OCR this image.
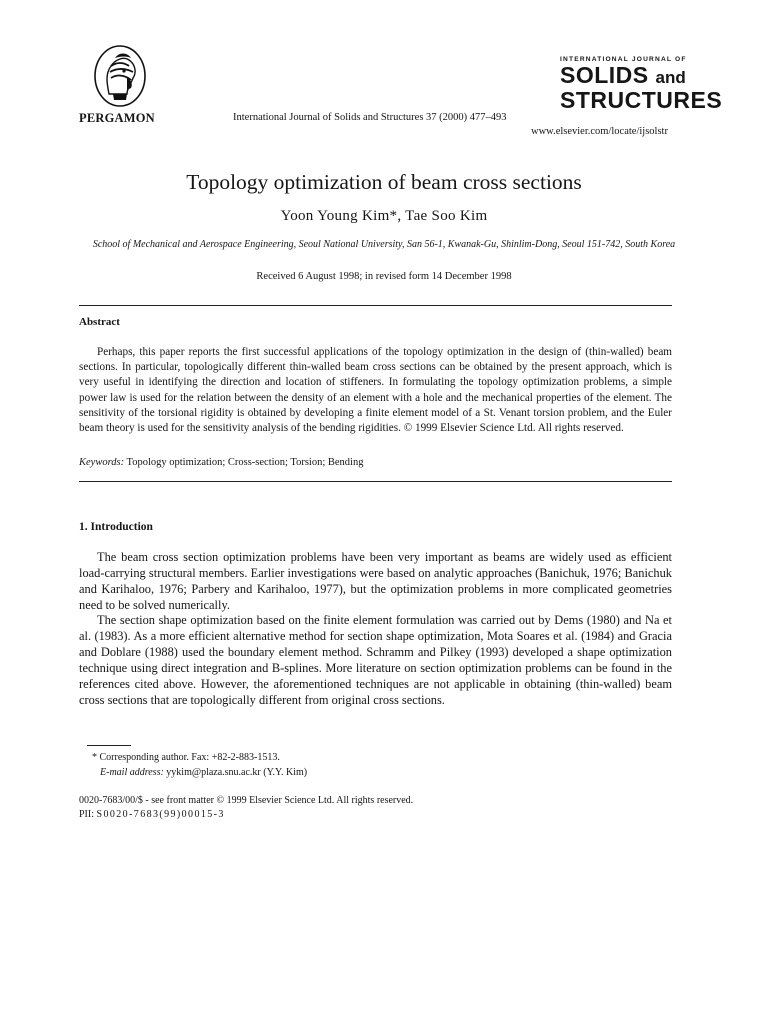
PERGAMON	International Journal of Solids and Structures 37 (2000) 477–493
INTERNATIONAL JOURNAL OF
SOLIDS and
STRUCTURES
www.elsevier.com/locate/ijsolstr
Topology optimization of beam cross sections
Yoon Young Kim*, Tae Soo Kim
School of Mechanical and Aerospace Engineering, Seoul National University, San 56-1, Kwanak-Gu, Shinlim-Dong, Seoul 151-742, South Korea
Received 6 August 1998; in revised form 14 December 1998
Abstract
Perhaps, this paper reports the first successful applications of the topology optimization in the design of (thin-walled) beam sections. In particular, topologically different thin-walled beam cross sections can be obtained by the present approach, which is very useful in identifying the direction and location of stiffeners. In formulating the topology optimization problems, a simple power law is used for the relation between the density of an element with a hole and the mechanical properties of the element. The sensitivity of the torsional rigidity is obtained by developing a finite element model of a St. Venant torsion problem, and the Euler beam theory is used for the sensitivity analysis of the bending rigidities. © 1999 Elsevier Science Ltd. All rights reserved.
Keywords: Topology optimization; Cross-section; Torsion; Bending
1. Introduction
The beam cross section optimization problems have been very important as beams are widely used as efficient load-carrying structural members. Earlier investigations were based on analytic approaches (Banichuk, 1976; Banichuk and Karihaloo, 1976; Parbery and Karihaloo, 1977), but the optimization problems in more complicated geometries need to be solved numerically.
The section shape optimization based on the finite element formulation was carried out by Dems (1980) and Na et al. (1983). As a more efficient alternative method for section shape optimization, Mota Soares et al. (1984) and Gracia and Doblare (1988) used the boundary element method. Schramm and Pilkey (1993) developed a shape optimization technique using direct integration and B-splines. More literature on section optimization problems can be found in the references cited above. However, the aforementioned techniques are not applicable in obtaining (thin-walled) beam cross sections that are topologically different from original cross sections.
* Corresponding author. Fax: +82-2-883-1513.
E-mail address: yykim@plaza.snu.ac.kr (Y.Y. Kim)
0020-7683/00/$ - see front matter © 1999 Elsevier Science Ltd. All rights reserved.
PII: S0020-7683(99)00015-3
